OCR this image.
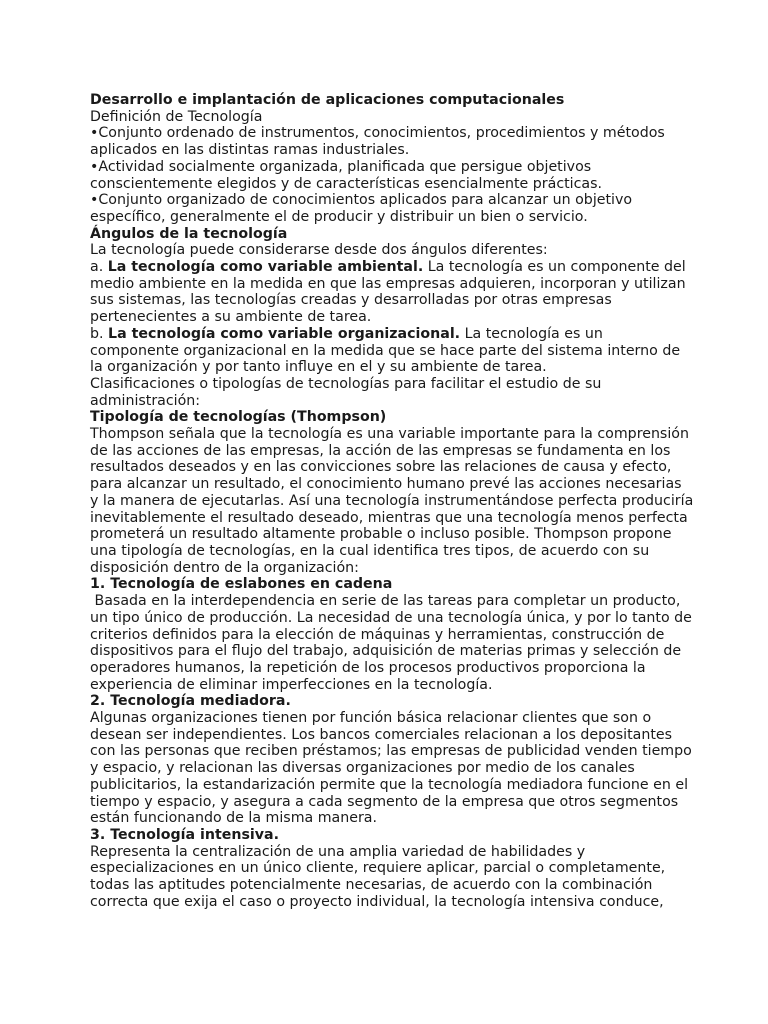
Desarrollo e implantación de aplicaciones computacionales
Definición de Tecnología
•Conjunto ordenado de instrumentos, conocimientos, procedimientos y métodos
aplicados en las distintas ramas industriales.
•Actividad socialmente organizada, planificada que persigue objetivos
conscientemente elegidos y de características esencialmente prácticas.
•Conjunto organizado de conocimientos aplicados para alcanzar un objetivo
específico, generalmente el de producir y distribuir un bien o servicio.
Ángulos de la tecnología
La tecnología puede considerarse desde dos ángulos diferentes:
a. La tecnología como variable ambiental. La tecnología es un componente del
medio ambiente en la medida en que las empresas adquieren, incorporan y utilizan
sus sistemas, las tecnologías creadas y desarrolladas por otras empresas
pertenecientes a su ambiente de tarea.
b. La tecnología como variable organizacional. La tecnología es un
componente organizacional en la medida que se hace parte del sistema interno de
la organización y por tanto influye en el y su ambiente de tarea.
Clasificaciones o tipologías de tecnologías para facilitar el estudio de su
administración:
Tipología de tecnologías (Thompson)
Thompson señala que la tecnología es una variable importante para la comprensión
de las acciones de las empresas, la acción de las empresas se fundamenta en los
resultados deseados y en las convicciones sobre las relaciones de causa y efecto,
para alcanzar un resultado, el conocimiento humano prevé las acciones necesarias
y la manera de ejecutarlas. Así una tecnología instrumentándose perfecta produciría
inevitablemente el resultado deseado, mientras que una tecnología menos perfecta
prometerá un resultado altamente probable o incluso posible. Thompson propone
una tipología de tecnologías, en la cual identifica tres tipos, de acuerdo con su
disposición dentro de la organización:
1. Tecnología de eslabones en cadena
Basada en la interdependencia en serie de las tareas para completar un producto,
un tipo único de producción. La necesidad de una tecnología única, y por lo tanto de
criterios definidos para la elección de máquinas y herramientas, construcción de
dispositivos para el flujo del trabajo, adquisición de materias primas y selección de
operadores humanos, la repetición de los procesos productivos proporciona la
experiencia de eliminar imperfecciones en la tecnología.
2. Tecnología mediadora.
Algunas organizaciones tienen por función básica relacionar clientes que son o
desean ser independientes. Los bancos comerciales relacionan a los depositantes
con las personas que reciben préstamos; las empresas de publicidad venden tiempo
y espacio, y relacionan las diversas organizaciones por medio de los canales
publicitarios, la estandarización permite que la tecnología mediadora funcione en el
tiempo y espacio, y asegura a cada segmento de la empresa que otros segmentos
están funcionando de la misma manera.
3. Tecnología intensiva.
Representa la centralización de una amplia variedad de habilidades y
especializaciones en un único cliente, requiere aplicar, parcial o completamente,
todas las aptitudes potencialmente necesarias, de acuerdo con la combinación
correcta que exija el caso o proyecto individual, la tecnología intensiva conduce,
